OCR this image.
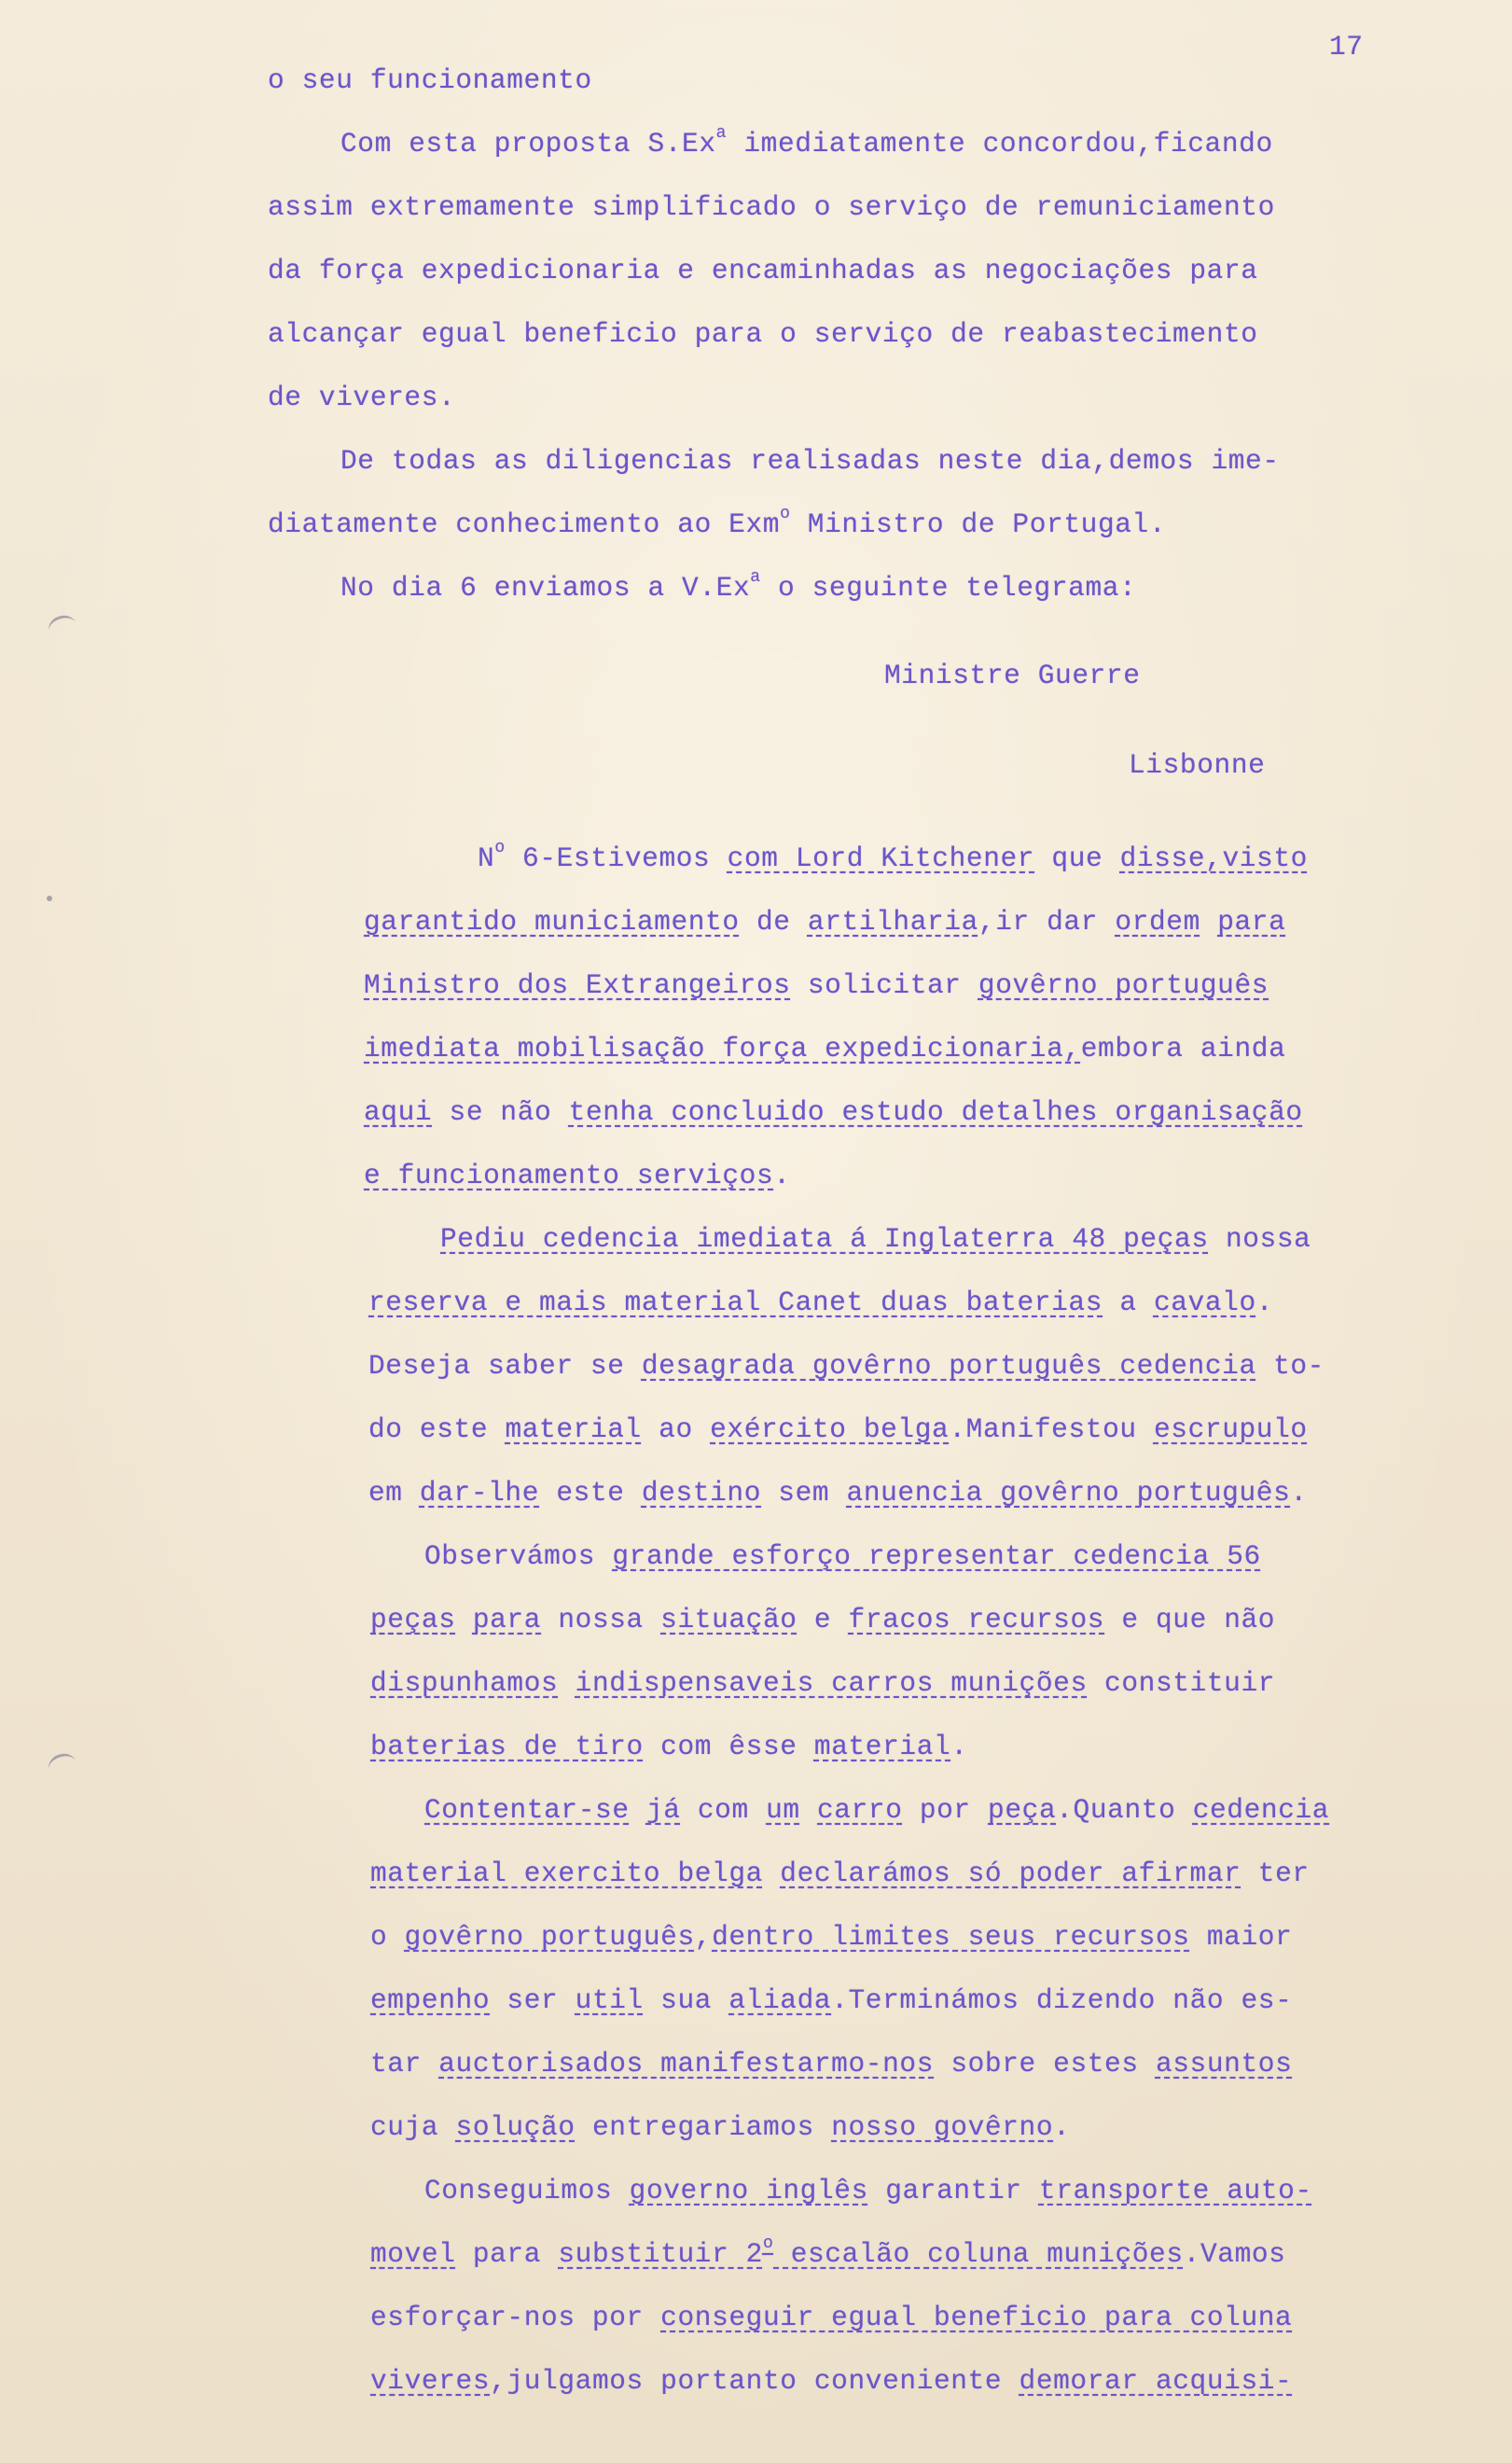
17
o seu funcionamento
Com esta proposta S.Ex$^a$ imediatamente concordou,ficando
assim extremamente simplificado o serviço de remuniciamento
da força expedicionaria e encaminhadas as negociações para
alcançar egual beneficio para o serviço de reabastecimento
de viveres.
De todas as diligencias realisadas neste dia,demos ime-
diatamente conhecimento ao Exm$^o$ Ministro de Portugal.
No dia 6 enviamos a V.Ex$^a$ o seguinte telegrama:
Ministre Guerre
Lisbonne
$N^o$ 6-Estivemos com Lord Kitchener que disse,visto
garantido municiamento de artilharia,ir dar ordem para
Ministro dos Extrangeiros solicitar govêrno português
imediata mobilisação força expedicionaria,embora ainda
aqui se não tenha concluido estudo detalhes organisação
e funcionamento serviços.
Pediu cedencia imediata á Inglaterra 48 peças nossa
reserva e mais material Canet duas baterias a cavalo.
Deseja saber se desagrada govêrno português cedencia to-
do este material ao exército belga.Manifestou escrupulo
em dar-lhe este destino sem anuencia govêrno português.
Observámos grande esforço representar cedencia 56
peças para nossa situação e fracos recursos e que não
dispunhamos indispensaveis carros munições constituir
baterias de tiro com êsse material.
Contentar-se já com um carro por peça.Quanto cedencia
material exercito belga declarámos só poder afirmar ter
o govêrno português,dentro limites seus recursos maior
empenho ser util sua aliada.Terminámos dizendo não es-
tar auctorisados manifestarmo-nos sobre estes assuntos
cuja solução entregariamos nosso govêrno.
Conseguimos governo inglês garantir transporte auto-
movel para substituir 2$^o$ escalão coluna munições.Vamos
esforçar-nos por conseguir egual beneficio para coluna
viveres,julgamos portanto conveniente demorar acquisi-
